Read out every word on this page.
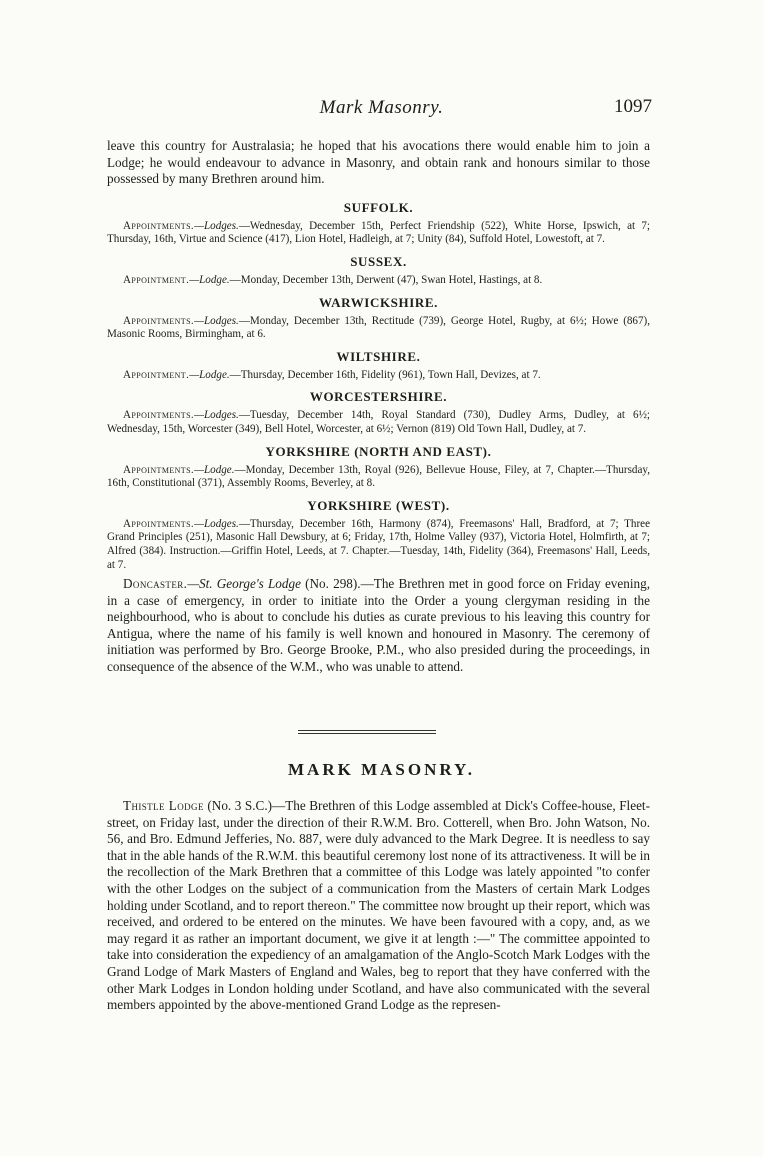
Mark Masonry.	1097

leave this country for Australasia; he hoped that his avocations there would enable him to join a Lodge; he would endeavour to advance in Masonry, and obtain rank and honours similar to those possessed by many Brethren around him.

SUFFOLK.

Appointments.—Lodges.—Wednesday, December 15th, Perfect Friendship (522), White Horse, Ipswich, at 7; Thursday, 16th, Virtue and Science (417), Lion Hotel, Hadleigh, at 7; Unity (84), Suffold Hotel, Lowestoft, at 7.

SUSSEX.

Appointment.—Lodge.—Monday, December 13th, Derwent (47), Swan Hotel, Hastings, at 8.

WARWICKSHIRE.

Appointments.—Lodges.—Monday, December 13th, Rectitude (739), George Hotel, Rugby, at 6½; Howe (867), Masonic Rooms, Birmingham, at 6.

WILTSHIRE.

Appointment.—Lodge.—Thursday, December 16th, Fidelity (961), Town Hall, Devizes, at 7.

WORCESTERSHIRE.

Appointments.—Lodges.—Tuesday, December 14th, Royal Standard (730), Dudley Arms, Dudley, at 6½; Wednesday, 15th, Worcester (349), Bell Hotel, Worcester, at 6½; Vernon (819) Old Town Hall, Dudley, at 7.

YORKSHIRE (NORTH AND EAST).

Appointments.—Lodge.—Monday, December 13th, Royal (926), Bellevue House, Filey, at 7, Chapter.—Thursday, 16th, Constitutional (371), Assembly Rooms, Beverley, at 8.

YORKSHIRE (WEST).

Appointments.—Lodges.—Thursday, December 16th, Harmony (874), Freemasons' Hall, Bradford, at 7; Three Grand Principles (251), Masonic Hall Dewsbury, at 6; Friday, 17th, Holme Valley (937), Victoria Hotel, Holmfirth, at 7; Alfred (384). Instruction.—Griffin Hotel, Leeds, at 7. Chapter.—Tuesday, 14th, Fidelity (364), Freemasons' Hall, Leeds, at 7.

Doncaster.—St. George's Lodge (No. 298).—The Brethren met in good force on Friday evening, in a case of emergency, in order to initiate into the Order a young clergyman residing in the neighbourhood, who is about to conclude his duties as curate previous to his leaving this country for Antigua, where the name of his family is well known and honoured in Masonry. The ceremony of initiation was performed by Bro. George Brooke, P.M., who also presided during the proceedings, in consequence of the absence of the W.M., who was unable to attend.

MARK MASONRY.

Thistle Lodge (No. 3 S.C.)—The Brethren of this Lodge assembled at Dick's Coffee-house, Fleet-street, on Friday last, under the direction of their R.W.M. Bro. Cotterell, when Bro. John Watson, No. 56, and Bro. Edmund Jefferies, No. 887, were duly advanced to the Mark Degree. It is needless to say that in the able hands of the R.W.M. this beautiful ceremony lost none of its attractiveness. It will be in the recollection of the Mark Brethren that a committee of this Lodge was lately appointed "to confer with the other Lodges on the subject of a communication from the Masters of certain Mark Lodges holding under Scotland, and to report thereon." The committee now brought up their report, which was received, and ordered to be entered on the minutes. We have been favoured with a copy, and, as we may regard it as rather an important document, we give it at length :—" The committee appointed to take into consideration the expediency of an amalgamation of the Anglo-Scotch Mark Lodges with the Grand Lodge of Mark Masters of England and Wales, beg to report that they have conferred with the other Mark Lodges in London holding under Scotland, and have also communicated with the several members appointed by the above-mentioned Grand Lodge as the represen-
